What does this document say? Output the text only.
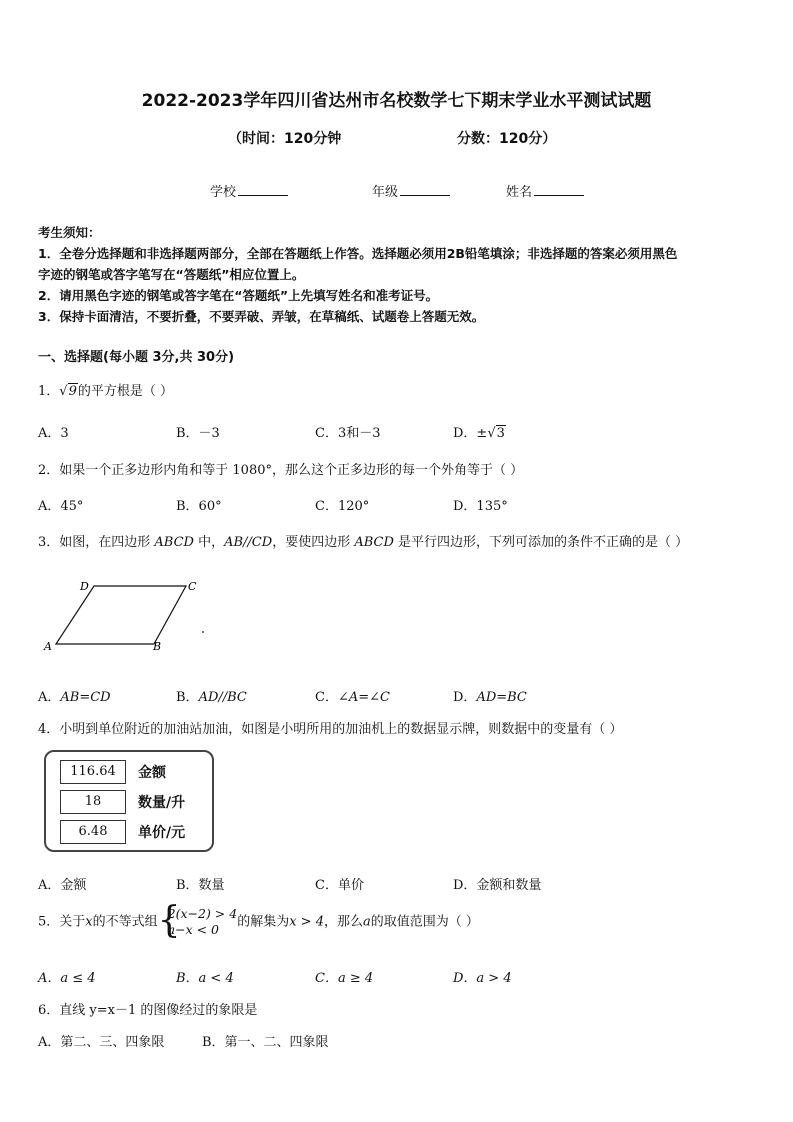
2022-2023学年四川省达州市名校数学七下期末学业水平测试试题
（时间：120分钟	分数：120分）
学校	年级	姓名
考生须知：
1．全卷分选择题和非选择题两部分，全部在答题纸上作答。选择题必须用2B铅笔填涂；非选择题的答案必须用黑色
字迹的钢笔或答字笔写在“答题纸”相应位置上。
2．请用黑色字迹的钢笔或答字笔在“答题纸”上先填写姓名和准考证号。
3．保持卡面清洁，不要折叠，不要弄破、弄皱，在草稿纸、试题卷上答题无效。
一、选择题(每小题 3分,共 30分)
1．√9的平方根是（ ）
A．3	B．－3	C．3和－3	D．±√3
2．如果一个正多边形内角和等于 1080°，那么这个正多边形的每一个外角等于（ ）
A．45°	B．60°	C．120°	D．135°
3．如图，在四边形 ABCD 中，AB//CD，要使四边形 ABCD 是平行四边形，下列可添加的条件不正确的是（ ）
A	B
C
D
A．AB=CD	B．AD//BC	C．∠A=∠C	D．AD=BC
4．小明到单位附近的加油站加油，如图是小明所用的加油机上的数据显示牌，则数据中的变量有（ ）
116.64	金额
18	数量/升
6.48	单价/元
A．金额	B．数量	C．单价	D．金额和数量
5．关于x的不等式组 {
2(x−2) > 4
a−x < 0	的解集为x > 4，那么a的取值范围为（ ）
A．a ≤ 4	B．a < 4	C．a ≥ 4	D．a > 4
6．直线 y=x－1 的图像经过的象限是
A．第二、三、四象限	B．第一、二、四象限
